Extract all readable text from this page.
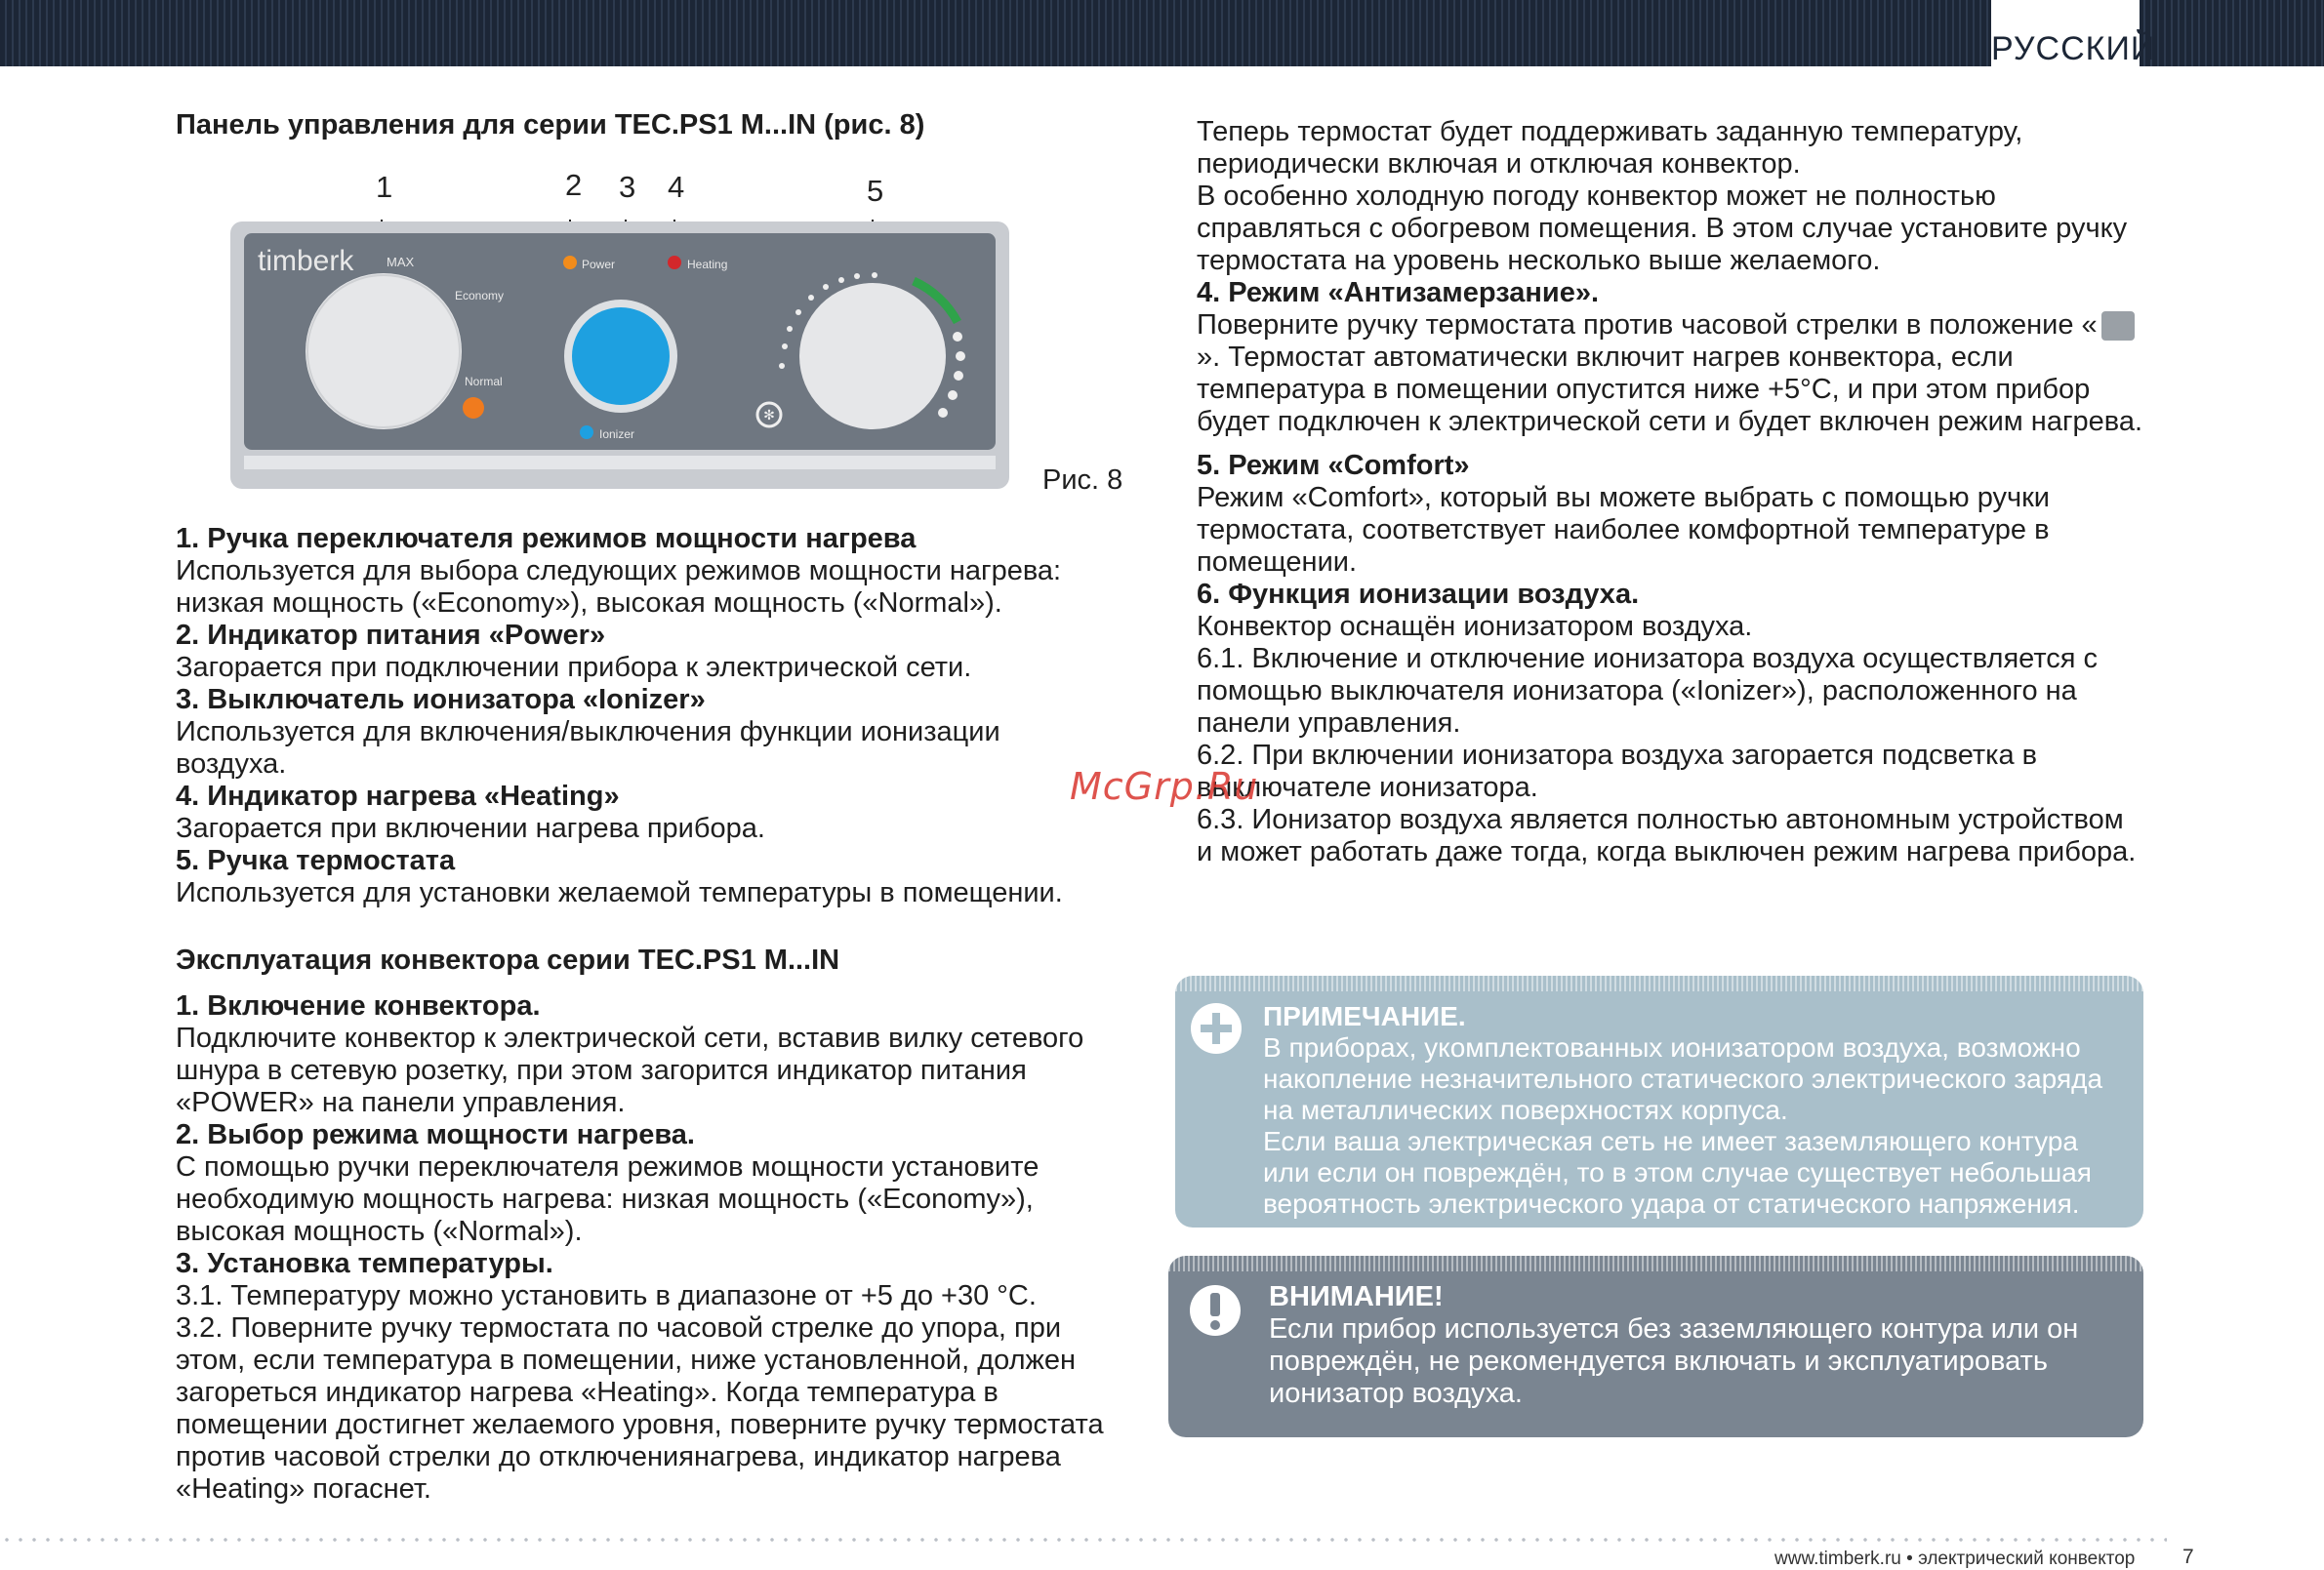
РУССКИЙ
Панель управления для серии TEC.PS1 M...IN (рис. 8)
1	2 3 4	5
timberk	MAX
Economy
Normal
Power	Heating
Ionizer
✻
Рис. 8

1. Ручка переключателя режимов мощности нагрева

Используется для выбора следующих режимов мощности нагрева: низкая мощность («Economy»), высокая мощность («Normal»).

2. Индикатор питания «Power»

Загорается при подключении прибора к электрической сети.

3. Выключатель ионизатора «Ionizer»

Используется для включения/выключения функции ионизации воздуха.

4. Индикатор нагрева «Heating»

Загорается при включении нагрева прибора.

5. Ручка термостата

Используется для установки желаемой температуры в помещении.

Эксплуатация конвектора серии TEC.PS1 M...IN

1. Включение конвектора.

Подключите конвектор к электрической сети, вставив вилку сетевого шнура в сетевую розетку, при этом загорится индикатор питания «POWER» на панели управления.

2. Выбор режима мощности нагрева.

С помощью ручки переключателя режимов мощности установите необходимую мощность нагрева: низкая мощность («Economy»), высокая мощность («Normal»).

3. Установка температуры.

3.1. Температуру можно установить в диапазоне от +5 до +30 °С.

3.2. Поверните ручку термостата по часовой стрелке до упора, при этом, если температура в помещении, ниже установленной, должен загореться индикатор нагрева «Heating». Когда температура в помещении достигнет желаемого уровня, поверните ручку термостата против часовой стрелки до отключениянагрева, индикатор нагрева «Heating» погаснет.

Теперь термостат будет поддерживать заданную температуру, периодически включая и отключая конвектор.
В особенно холодную погоду конвектор может не полностью справляться с обогревом помещения. В этом случае установите ручку термостата на уровень несколько выше желаемого.

4. Режим «Антизамерзание».

Поверните ручку термостата против часовой стрелки в положение «». Термостат автоматически включит нагрев конвектора, если температура в помещении опустится ниже +5°С, и при этом прибор будет подключен к электрической сети и будет включен режим нагрева.

5. Режим «Comfort»

Режим «Comfort», который вы можете выбрать с помощью ручки термостата, соответствует наиболее комфортной температуре в помещении.

6. Функция ионизации воздуха.

Конвектор оснащён ионизатором воздуха.

6.1. Включение и отключение ионизатора воздуха осуществляется с помощью выключателя ионизатора («Ionizer»), расположенного на панели управления.

6.2. При включении ионизатора воздуха загорается подсветка в выключателе ионизатора.

6.3. Ионизатор воздуха является полностью автономным устройством и может работать даже тогда, когда выключен режим нагрева прибора.

McGrp.Ru
ПРИМЕЧАНИЕ.
В приборах, укомплектованных ионизатором воздуха, возможно накопление незначительного статического электрического заряда на металлических поверхностях корпуса.
Если ваша электрическая сеть не имеет заземляющего контура или если он повреждён, то в этом случае существует небольшая вероятность электрического удара от статического напряжения.
ВНИМАНИЕ!
Если прибор используется без заземляющего контура или он повреждён, не рекомендуется включать и эксплуатировать ионизатор воздуха.
www.timberk.ru • электрический конвектор 7
